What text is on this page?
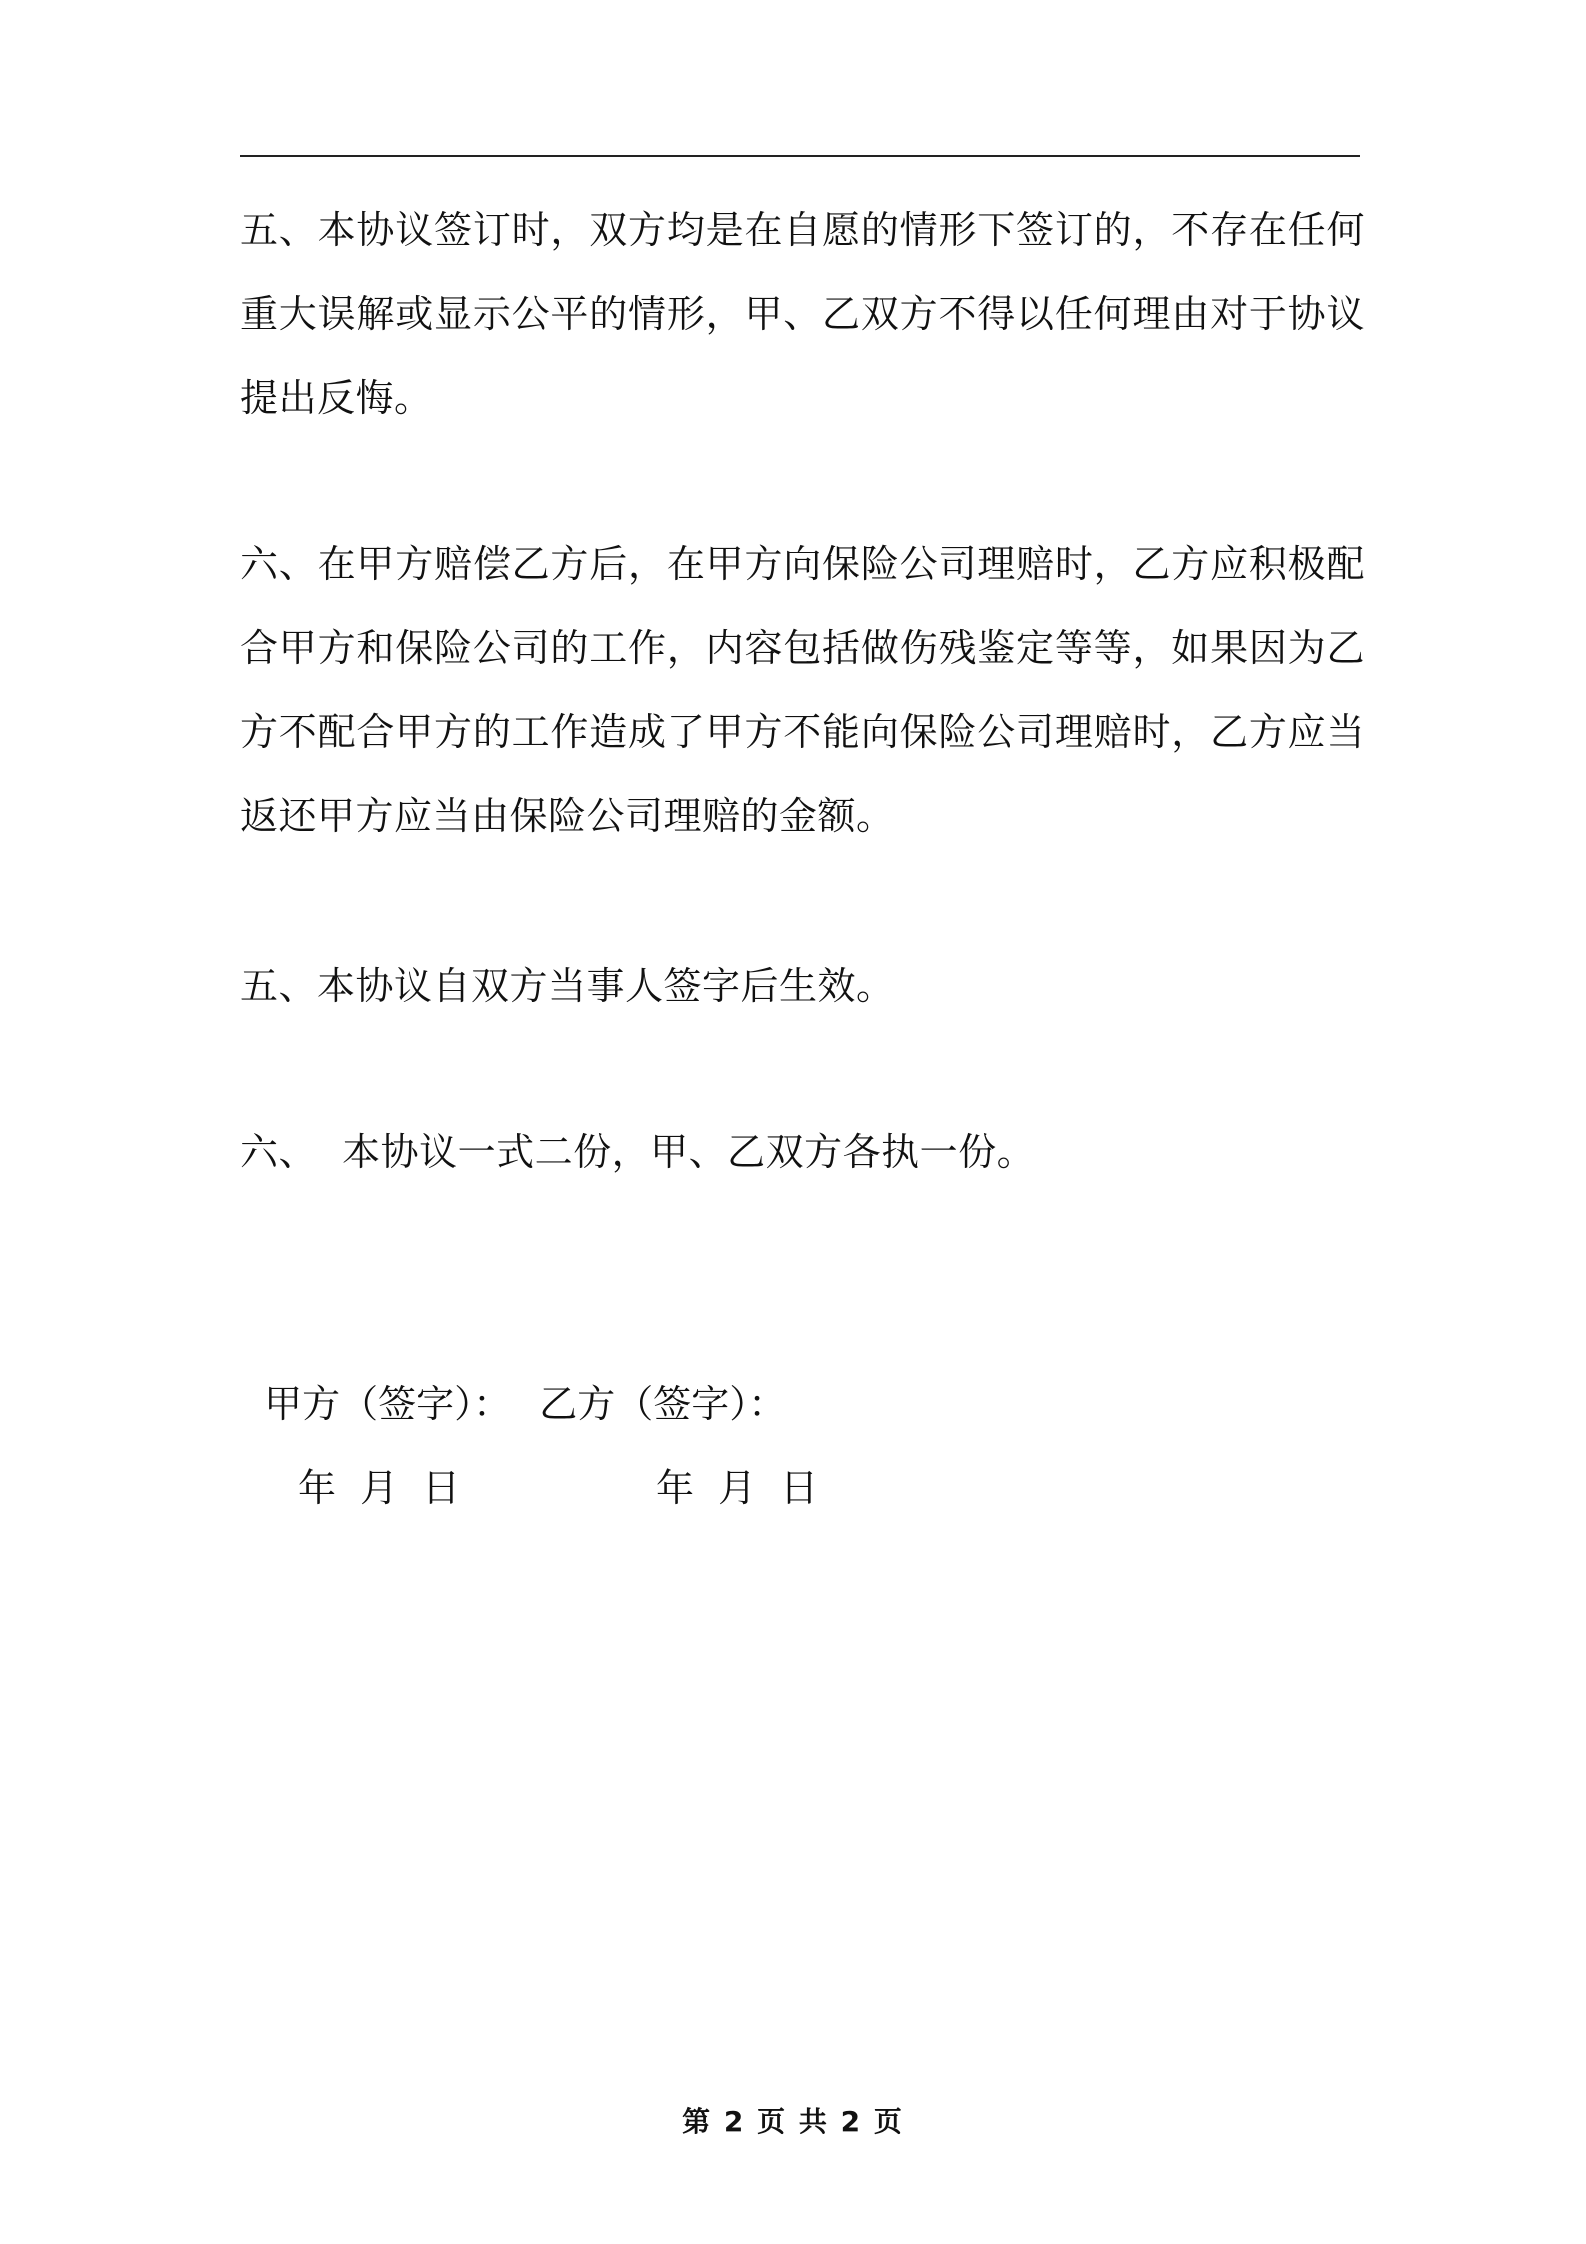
五、本协议签订时，双方均是在自愿的情形下签订的，不存在任何重大误解或显示公平的情形，甲、乙双方不得以任何理由对于协议提出反悔。

六、在甲方赔偿乙方后，在甲方向保险公司理赔时，乙方应积极配合甲方和保险公司的工作，内容包括做伤残鉴定等等，如果因为乙方不配合甲方的工作造成了甲方不能向保险公司理赔时，乙方应当返还甲方应当由保险公司理赔的金额。

五、本协议自双方当事人签字后生效。

六、  本协议一式二份，甲、乙双方各执一份。

甲方（签字）： 乙方（签字）：

年 月 日	年 月 日
第 2 页 共 2 页
